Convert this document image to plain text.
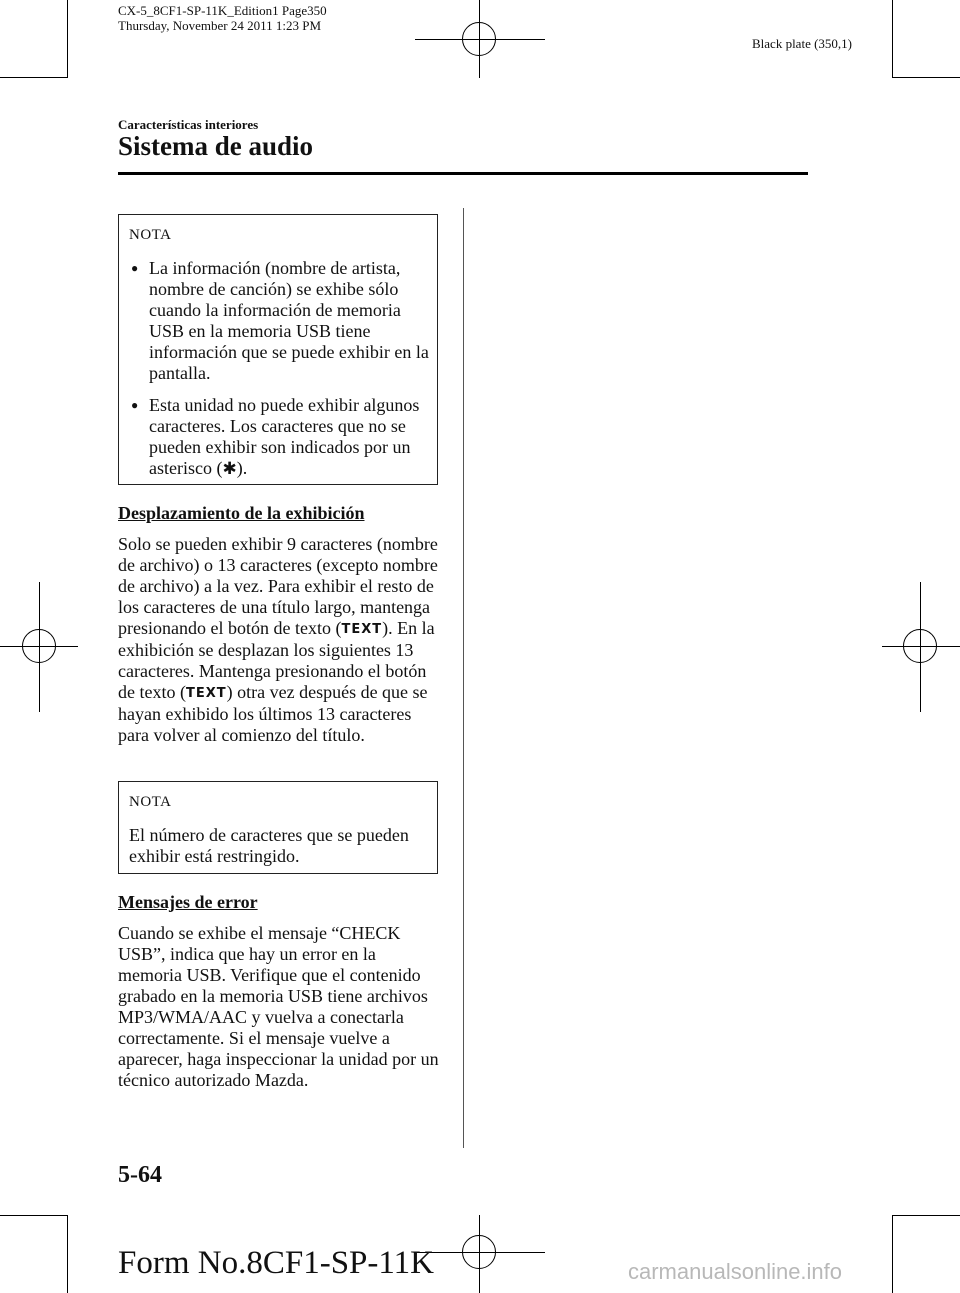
CX-5_8CF1-SP-11K_Edition1 Page350
Thursday, November 24 2011 1:23 PM
Black plate (350,1)
Características interiores
Sistema de audio
NOTA
● La información (nombre de artista, nombre de canción) se exhibe sólo cuando la información de memoria USB en la memoria USB tiene información que se puede exhibir en la pantalla.
● Esta unidad no puede exhibir algunos caracteres. Los caracteres que no se pueden exhibir son indicados por un asterisco (✱).
Desplazamiento de la exhibición

Solo se pueden exhibir 9 caracteres (nombre de archivo) o 13 caracteres (excepto nombre de archivo) a la vez. Para exhibir el resto de los caracteres de una título largo, mantenga presionando el botón de texto (TEXT). En la exhibición se desplazan los siguientes 13 caracteres. Mantenga presionando el botón de texto (TEXT) otra vez después de que se hayan exhibido los últimos 13 caracteres para volver al comienzo del título.

NOTA
El número de caracteres que se pueden exhibir está restringido.
Mensajes de error

Cuando se exhibe el mensaje “CHECK USB”, indica que hay un error en la memoria USB. Verifique que el contenido grabado en la memoria USB tiene archivos MP3/WMA/AAC y vuelva a conectarla correctamente. Si el mensaje vuelve a aparecer, haga inspeccionar la unidad por un técnico autorizado Mazda.

5-64
Form No.8CF1-SP-11K	carmanualsonline.info
